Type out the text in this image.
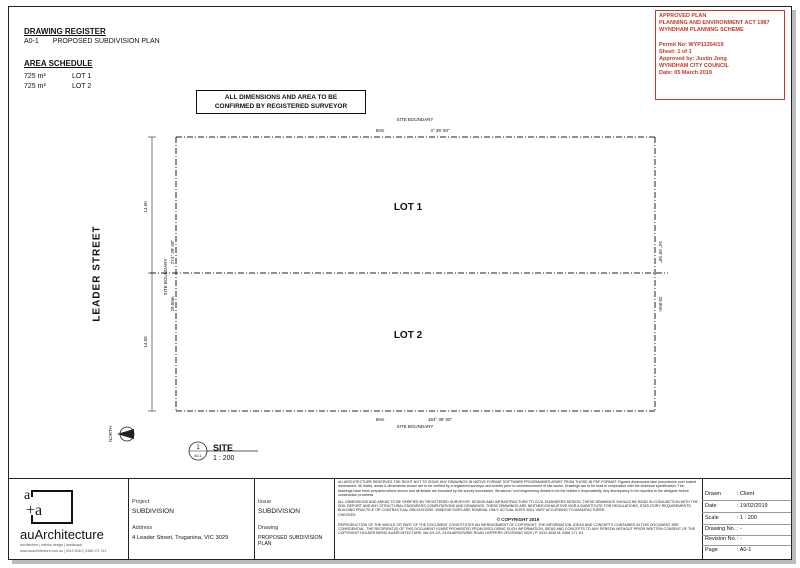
DRAWING REGISTER
A0-1 PROPOSED SUBDIVISION PLAN
AREA SCHEDULE
725 m²	LOT 1
725 m²	LOT 2
APPROVED PLAN
PLANNING AND ENVIRONMENT ACT 1987
WYNDHAM PLANNING SCHEME
Permit No: WYP11354/19
Sheet: 1 of 1
Approved by: Justin Jong
WYNDHAM CITY COUNCIL
Date: 05 March 2019
ALL DIMENSIONS AND AREA TO BE
CONFIRMED BY REGISTERED SURVEYOR
SITE BOUNDARY
50m	4° 39' 50"
50m	184° 39' 50"
SITE BOUNDARY
LOT 1
LOT 2
14.50
14.50
SITE BOUNDARY
274° 39' 50"
29.00m
94° 39' 50"
29.00m
NORTH
1
A0-1
LEADER STREET
SITE
1 : 200
a
+a
auArchitecture
architecture | interior design | landscape
www.auarchitecture.com.au | 0413 4040 | 0466 171 111
Project
SUBDIVISION
Address
4 Leader Street, Truganina, VIC 3029
Issue
SUBDIVISION
Drawing
PROPOSED SUBDIVISION PLAN
AU ARCHITECTURE RESERVES THE RIGHT NOT TO ISSUE ANY DRAWINGS IN NATIVE FORMAT SOFTWARE PROGRAMMES APART FROM THOSE IN PDF FORMAT. Figured dimensions take precedence over scaled dimensions. All levels, areas & dimensions shown are to be verified by a registered surveyor and builder prior to commencement of site works. Drawings are to be read in conjunction with the technical specification. The drawings have been prepared where shown and all details are bounded by the survey boundaries. Structural / civil engineering details to be the builder's responsibility. Any discrepancy to be reported to the designer before construction proceeds.
ALL DIMENSIONS AND AREAS TO BE VERIFIED BY REGISTERED SURVEYOR. DESIGN AND INFRASTRUCTURE TO CIVIL ENGINEERS DESIGN. THESE DRAWINGS SHOULD BE READ IN CONJUNCTION WITH THE SOIL REPORT AND ANY STRUCTURAL ENGINEERS COMPUTATIONS AND DRAWINGS. THESE DRAWINGS ARE NEITHER EXHAUSTIVE NOR A SUBSTITUTE FOR REGULATIONS, STATUTORY REQUIREMENTS, BUILDING PRACTICE OR CONTRACTUAL OBLIGATIONS. WINDOW SIZES ARE NOMINAL ONLY. ACTUAL SIZES WILL VARY ACCORDING TO MANUFACTURER.
CHECKED
© COPYRIGHT 2019
REPRODUCTION OF THE WHOLE OR PART OF THE DOCUMENT CONSTITUTES AN INFRINGEMENT OF COPYRIGHT. THE INFORMATION, IDEAS AND CONCEPTS CONTAINED IN THIS DOCUMENT ARE CONFIDENTIAL. THE RECIPIENT(S) OF THIS DOCUMENT IS/ARE PROHIBITED FROM DISCLOSING SUCH INFORMATION, IDEAS AND CONCEPTS TO ANY PERSON WITHOUT PRIOR WRITTEN CONSENT OF THE COPYRIGHT HOLDER BEING AUARCHITECTURE. Ma 2/4 2/3, 24 BLAIRGOWRIE ROAD HOPPERS CROSSING 3029 | P: 0413 4040 M: 0466 171 111
Drawn	: Client
Date	: 19/02/2019
Scale	: 1 : 200
Drawing No. : -
Revision No.: -
Page	: A0-1
